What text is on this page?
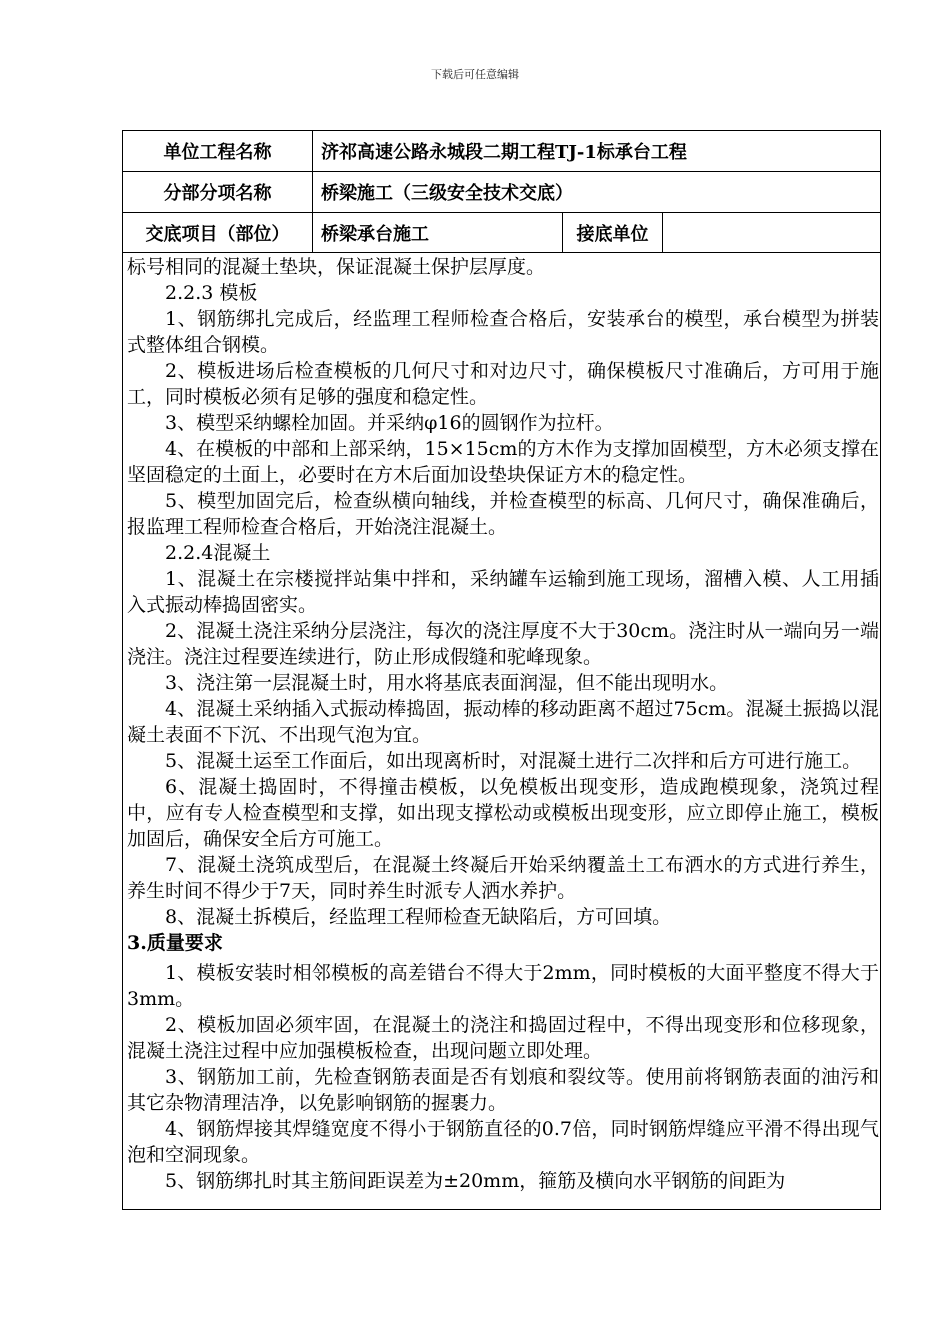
下载后可任意编辑
单位工程名称	济祁高速公路永城段二期工程TJ-1标承台工程
分部分项名称	桥梁施工（三级安全技术交底）
交底项目（部位）	桥梁承台施工	接底单位

标号相同的混凝土垫块，保证混凝土保护层厚度。

2.2.3 模板

1、钢筋绑扎完成后，经监理工程师检查合格后，安装承台的模型，承台模型为拼装式整体组合钢模。

2、模板进场后检查模板的几何尺寸和对边尺寸，确保模板尺寸准确后，方可用于施工，同时模板必须有足够的强度和稳定性。

3、模型采纳螺栓加固。并采纳φ16的圆钢作为拉杆。

4、在模板的中部和上部采纳，15×15cm的方木作为支撑加固模型，方木必须支撑在坚固稳定的土面上，必要时在方木后面加设垫块保证方木的稳定性。

5、模型加固完后，检查纵横向轴线，并检查模型的标高、几何尺寸，确保准确后，报监理工程师检查合格后，开始浇注混凝土。

2.2.4混凝土

1、混凝土在宗楼搅拌站集中拌和，采纳罐车运输到施工现场，溜槽入模、人工用插入式振动棒捣固密实。

2、混凝土浇注采纳分层浇注，每次的浇注厚度不大于30cm。浇注时从一端向另一端浇注。浇注过程要连续进行，防止形成假缝和驼峰现象。

3、浇注第一层混凝土时，用水将基底表面润湿，但不能出现明水。

4、混凝土采纳插入式振动棒捣固，振动棒的移动距离不超过75cm。混凝土振捣以混凝土表面不下沉、不出现气泡为宜。

5、混凝土运至工作面后，如出现离析时，对混凝土进行二次拌和后方可进行施工。

6、混凝土捣固时，不得撞击模板，以免模板出现变形，造成跑模现象，浇筑过程中，应有专人检查模型和支撑，如出现支撑松动或模板出现变形，应立即停止施工，模板加固后，确保安全后方可施工。

7、混凝土浇筑成型后，在混凝土终凝后开始采纳覆盖土工布洒水的方式进行养生，养生时间不得少于7天，同时养生时派专人洒水养护。

8、混凝土拆模后，经监理工程师检查无缺陷后，方可回填。

3.质量要求

1、模板安装时相邻模板的高差错台不得大于2mm，同时模板的大面平整度不得大于3mm。

2、模板加固必须牢固，在混凝土的浇注和捣固过程中，不得出现变形和位移现象，混凝土浇注过程中应加强模板检查，出现问题立即处理。

3、钢筋加工前，先检查钢筋表面是否有划痕和裂纹等。使用前将钢筋表面的油污和其它杂物清理洁净，以免影响钢筋的握裹力。

4、钢筋焊接其焊缝宽度不得小于钢筋直径的0.7倍，同时钢筋焊缝应平滑不得出现气泡和空洞现象。

5、钢筋绑扎时其主筋间距误差为±20mm，箍筋及横向水平钢筋的间距为
